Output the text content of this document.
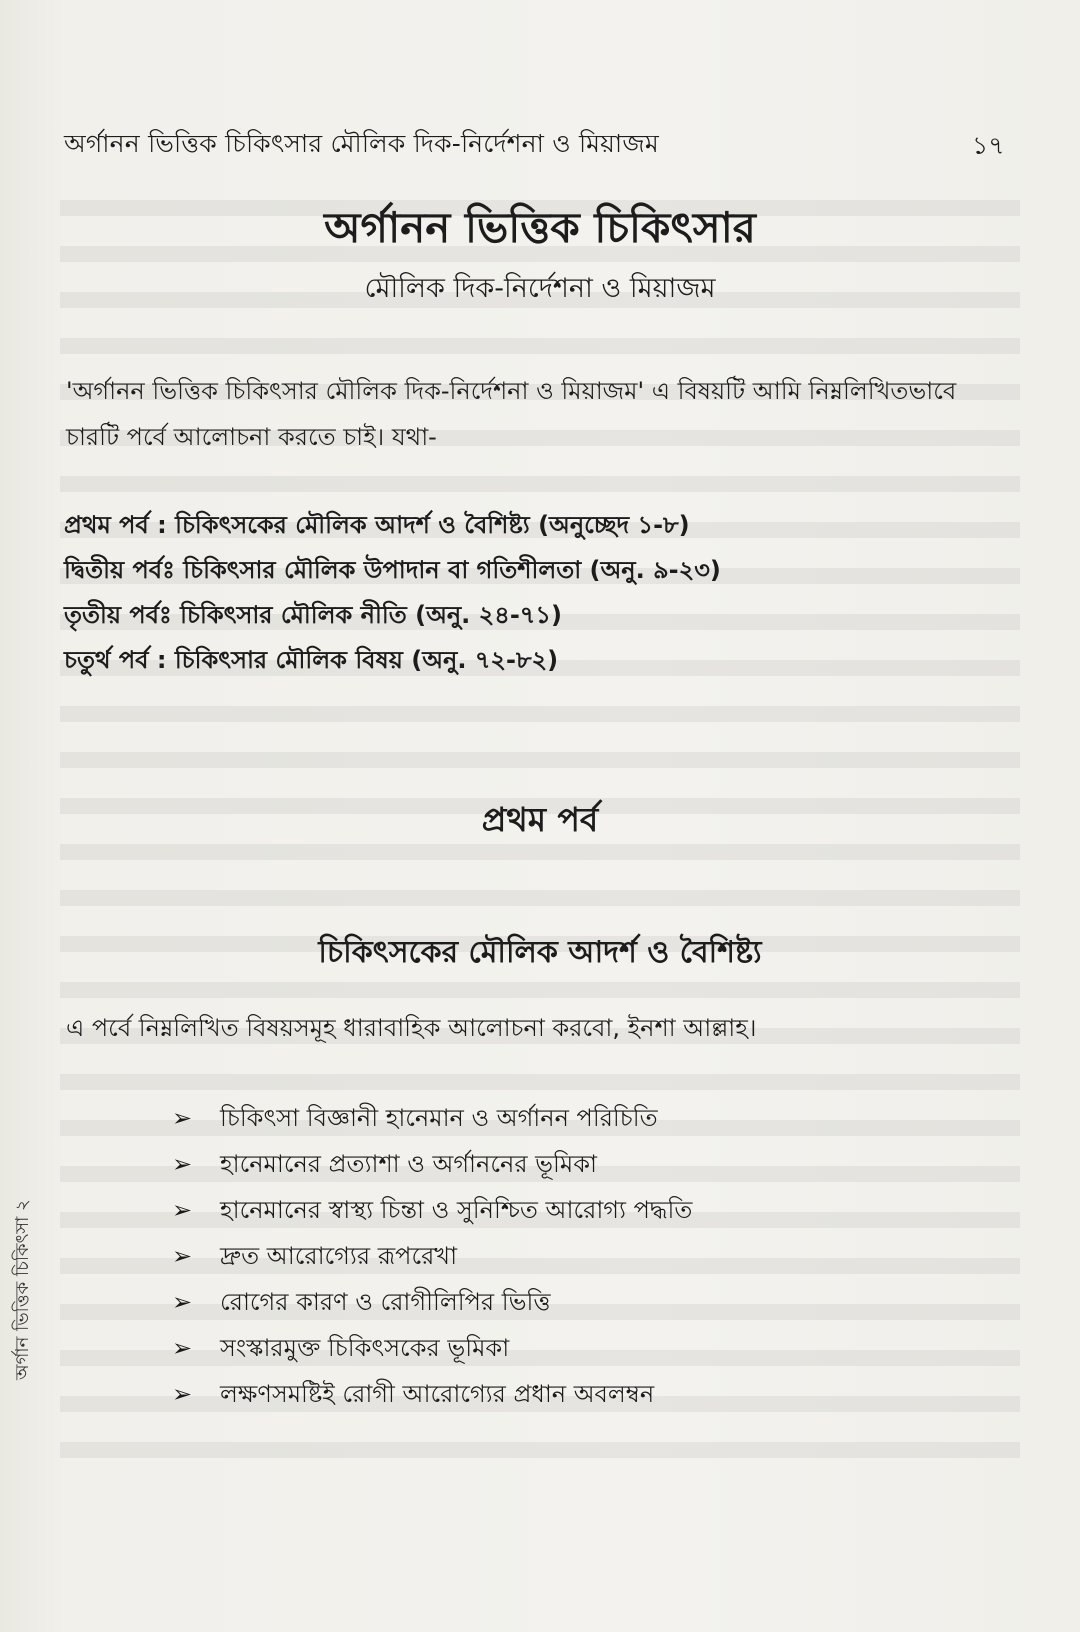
অর্গানন ভিত্তিক চিকিৎসার মৌলিক দিক-নির্দেশনা ও মিয়াজম	১৭
অর্গানন ভিত্তিক চিকিৎসার
মৌলিক দিক-নির্দেশনা ও মিয়াজম
'অর্গানন ভিত্তিক চিকিৎসার মৌলিক দিক-নির্দেশনা ও মিয়াজম' এ বিষয়টি আমি নিম্নলিখিতভাবে চারটি পর্বে আলোচনা করতে চাই। যথা-
প্রথম পর্ব : চিকিৎসকের মৌলিক আদর্শ ও বৈশিষ্ট্য (অনুচ্ছেদ ১-৮)
দ্বিতীয় পর্বঃ চিকিৎসার মৌলিক উপাদান বা গতিশীলতা (অনু. ৯-২৩)
তৃতীয় পর্বঃ চিকিৎসার মৌলিক নীতি (অনু. ২৪-৭১)
চতুর্থ পর্ব : চিকিৎসার মৌলিক বিষয় (অনু. ৭২-৮২)
প্রথম পর্ব
চিকিৎসকের মৌলিক আদর্শ ও বৈশিষ্ট্য
এ পর্বে নিম্নলিখিত বিষয়সমূহ ধারাবাহিক আলোচনা করবো, ইনশা আল্লাহ।
➢ চিকিৎসা বিজ্ঞানী হানেমান ও অর্গানন পরিচিতি
➢ হানেমানের প্রত্যাশা ও অর্গাননের ভূমিকা
➢ হানেমানের স্বাস্থ্য চিন্তা ও সুনিশ্চিত আরোগ্য পদ্ধতি
➢ দ্রুত আরোগ্যের রূপরেখা
➢ রোগের কারণ ও রোগীলিপির ভিত্তি
➢ সংস্কারমুক্ত চিকিৎসকের ভূমিকা
➢ লক্ষণসমষ্টিই রোগী আরোগ্যের প্রধান অবলম্বন
অর্গান ভিত্তিক চিকিৎসা ২
